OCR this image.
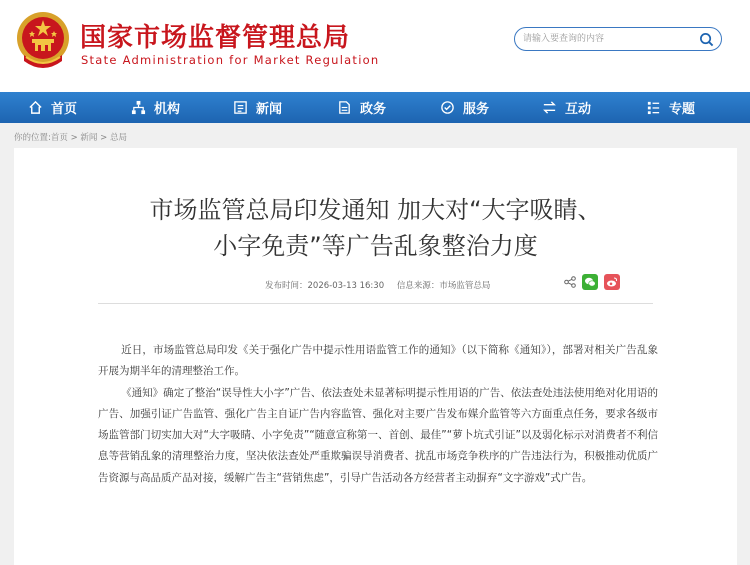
国家市场监督管理总局
State Administration for Market Regulation
请输入要查询的内容
首页	机构	新闻	政务	服务	互动	专题
你的位置:首页 > 新闻 > 总局
市场监管总局印发通知 加大对“大字吸睛、
小字免责”等广告乱象整治力度
发布时间：2026-03-13 16:30 信息来源：市场监管总局

近日，市场监管总局印发《关于强化广告中提示性用语监管工作的通知》（以下简称《通知》），部署对相关广告乱象开展为期半年的清理整治工作。

《通知》确定了整治“误导性大小字”广告、依法查处未显著标明提示性用语的广告、依法查处违法使用绝对化用语的广告、加强引证广告监管、强化广告主自证广告内容监管、强化对主要广告发布媒介监管等六方面重点任务，要求各级市场监管部门切实加大对“大字吸睛、小字免责”“随意宣称第一、首创、最佳”“萝卜坑式引证”以及弱化标示对消费者不利信息等营销乱象的清理整治力度，坚决依法查处严重欺骗误导消费者、扰乱市场竞争秩序的广告违法行为，积极推动优质广告资源与高品质产品对接，缓解广告主“营销焦虑”，引导广告活动各方经营者主动摒弃“文字游戏”式广告。
